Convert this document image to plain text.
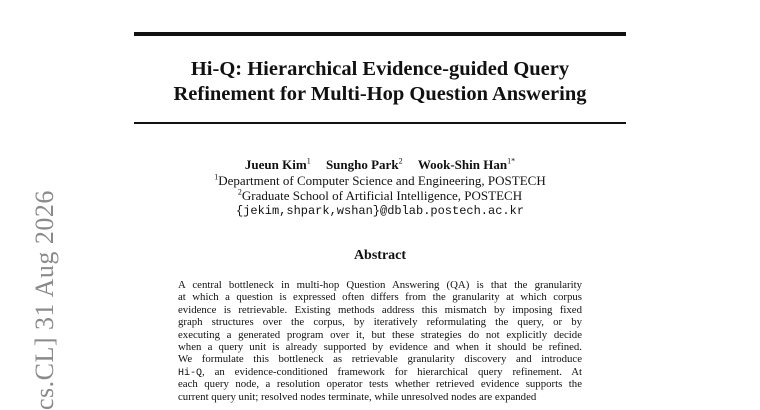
Hi-Q: Hierarchical Evidence-guided Query
Refinement for Multi-Hop Question Answering
Jueun Kim$^1$ Sungho Park$^2$ Wook-Shin Han$^{1*}$
$^1$Department of Computer Science and Engineering, POSTECH
$^2$Graduate School of Artificial Intelligence, POSTECH
{jekim,shpark,wshan}@dblab.postech.ac.kr
Abstract
A central bottleneck in multi-hop Question Answering (QA) is that the granularity
at which a question is expressed often differs from the granularity at which corpus
evidence is retrievable. Existing methods address this mismatch by imposing fixed
graph structures over the corpus, by iteratively reformulating the query, or by
executing a generated program over it, but these strategies do not explicitly decide
when a query unit is already supported by evidence and when it should be refined.
We formulate this bottleneck as retrievable granularity discovery and introduce
Hi-Q, an evidence-conditioned framework for hierarchical query refinement. At
each query node, a resolution operator tests whether retrieved evidence supports the
current query unit; resolved nodes terminate, while unresolved nodes are expanded
cs.CL] 31 Aug 2026
